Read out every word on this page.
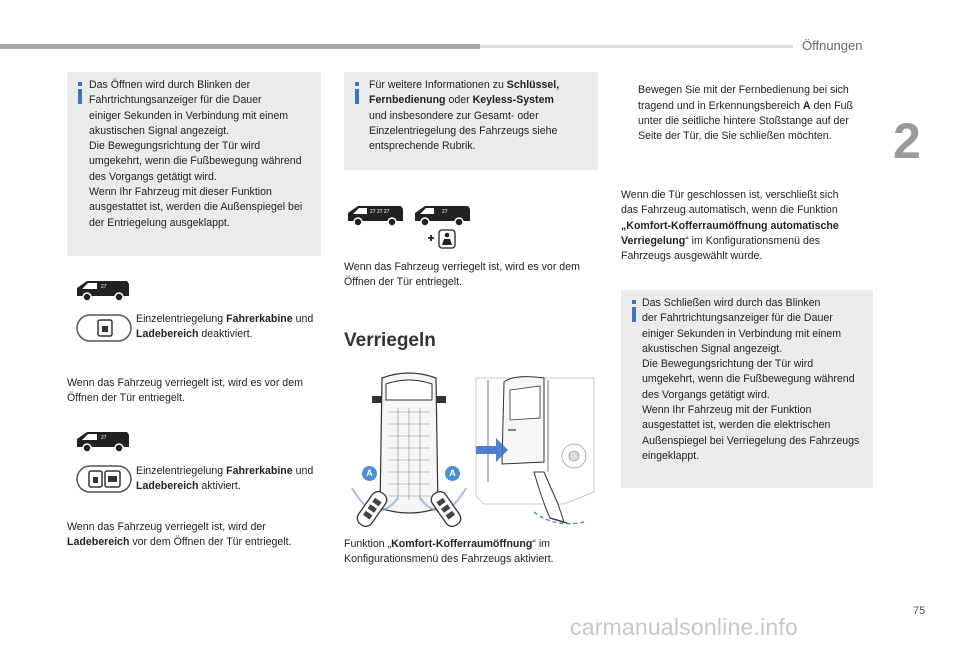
Öffnungen
2
Das Öffnen wird durch Blinken der
Fahrtrichtungsanzeiger für die Dauer
einiger Sekunden in Verbindung mit einem
akustischen Signal angezeigt.
Die Bewegungsrichtung der Tür wird
umgekehrt, wenn die Fußbewegung während
des Vorgangs getätigt wird.
Wenn Ihr Fahrzeug mit dieser Funktion
ausgestattet ist, werden die Außenspiegel bei
der Entriegelung ausgeklappt.
27
Einzelentriegelung Fahrerkabine und
Ladebereich deaktiviert.
Wenn das Fahrzeug verriegelt ist, wird es vor dem
Öffnen der Tür entriegelt.
27
Einzelentriegelung Fahrerkabine und
Ladebereich aktiviert.
Wenn das Fahrzeug verriegelt ist, wird der
Ladebereich vor dem Öffnen der Tür entriegelt.
Für weitere Informationen zu Schlüssel,
Fernbedienung oder Keyless-System
und insbesondere zur Gesamt- oder
Einzelentriegelung des Fahrzeugs siehe
entsprechende Rubrik.
27 27 27	27
Wenn das Fahrzeug verriegelt ist, wird es vor dem
Öffnen der Tür entriegelt.
Verriegeln
A	A
Funktion „Komfort-Kofferraumöffnung“ im
Konfigurationsmenü des Fahrzeugs aktiviert.

Bewegen Sie mit der Fernbedienung bei sich
tragend und in Erkennungsbereich A den Fuß
unter die seitliche hintere Stoßstange auf der
Seite der Tür, die Sie schließen möchten.

Wenn die Tür geschlossen ist, verschließt sich
das Fahrzeug automatisch, wenn die Funktion
„Komfort-Kofferraumöffnung automatische
Verriegelung“ im Konfigurationsmenü des
Fahrzeugs ausgewählt wurde.
Das Schließen wird durch das Blinken
der Fahrtrichtungsanzeiger für die Dauer
einiger Sekunden in Verbindung mit einem
akustischen Signal angezeigt.
Die Bewegungsrichtung der Tür wird
umgekehrt, wenn die Fußbewegung während
des Vorgangs getätigt wird.
Wenn Ihr Fahrzeug mit der Funktion
ausgestattet ist, werden die elektrischen
Außenspiegel bei Verriegelung des Fahrzeugs
eingeklappt.
75
carmanualsonline.info
